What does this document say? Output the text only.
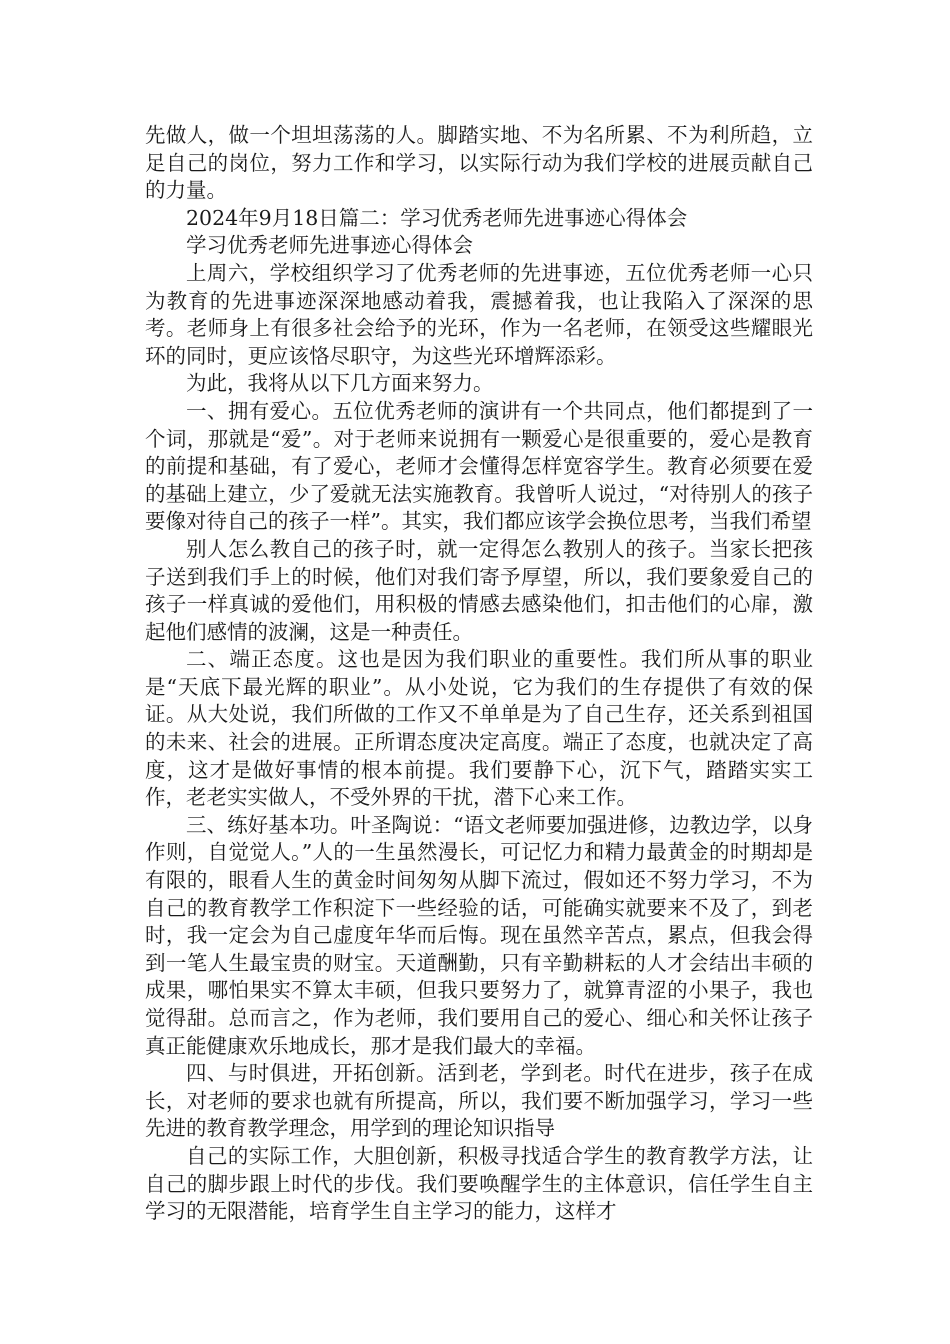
先做人，做一个坦坦荡荡的人。脚踏实地、不为名所累、不为利所趋，立足自己的岗位，努力工作和学习，以实际行动为我们学校的进展贡献自己的力量。

2024年9月18日篇二：学习优秀老师先进事迹心得体会

学习优秀老师先进事迹心得体会

上周六，学校组织学习了优秀老师的先进事迹，五位优秀老师一心只为教育的先进事迹深深地感动着我，震撼着我，也让我陷入了深深的思考。老师身上有很多社会给予的光环，作为一名老师，在领受这些耀眼光环的同时，更应该恪尽职守，为这些光环增辉添彩。

为此，我将从以下几方面来努力。

一、拥有爱心。五位优秀老师的演讲有一个共同点，他们都提到了一个词，那就是“爱”。对于老师来说拥有一颗爱心是很重要的，爱心是教育的前提和基础，有了爱心，老师才会懂得怎样宽容学生。教育必须要在爱的基础上建立，少了爱就无法实施教育。我曾听人说过，“对待别人的孩子要像对待自己的孩子一样”。其实，我们都应该学会换位思考，当我们希望

别人怎么教自己的孩子时，就一定得怎么教别人的孩子。当家长把孩子送到我们手上的时候，他们对我们寄予厚望，所以，我们要象爱自己的孩子一样真诚的爱他们，用积极的情感去感染他们，扣击他们的心扉，激起他们感情的波澜，这是一种责任。

二、端正态度。这也是因为我们职业的重要性。我们所从事的职业是“天底下最光辉的职业”。从小处说，它为我们的生存提供了有效的保证。从大处说，我们所做的工作又不单单是为了自己生存，还关系到祖国的未来、社会的进展。正所谓态度决定高度。端正了态度，也就决定了高度，这才是做好事情的根本前提。我们要静下心，沉下气，踏踏实实工作，老老实实做人，不受外界的干扰，潜下心来工作。

三、练好基本功。叶圣陶说：“语文老师要加强进修，边教边学，以身作则，自觉觉人。”人的一生虽然漫长，可记忆力和精力最黄金的时期却是有限的，眼看人生的黄金时间匆匆从脚下流过，假如还不努力学习，不为自己的教育教学工作积淀下一些经验的话，可能确实就要来不及了，到老时，我一定会为自己虚度年华而后悔。现在虽然辛苦点，累点，但我会得到一笔人生最宝贵的财宝。天道酬勤，只有辛勤耕耘的人才会结出丰硕的成果，哪怕果实不算太丰硕，但我只要努力了，就算青涩的小果子，我也觉得甜。总而言之，作为老师，我们要用自己的爱心、细心和关怀让孩子真正能健康欢乐地成长，那才是我们最大的幸福。

四、与时俱进，开拓创新。活到老，学到老。时代在进步，孩子在成长，对老师的要求也就有所提高，所以，我们要不断加强学习，学习一些先进的教育教学理念，用学到的理论知识指导

自己的实际工作，大胆创新，积极寻找适合学生的教育教学方法，让自己的脚步跟上时代的步伐。我们要唤醒学生的主体意识，信任学生自主学习的无限潜能，培育学生自主学习的能力，这样才
